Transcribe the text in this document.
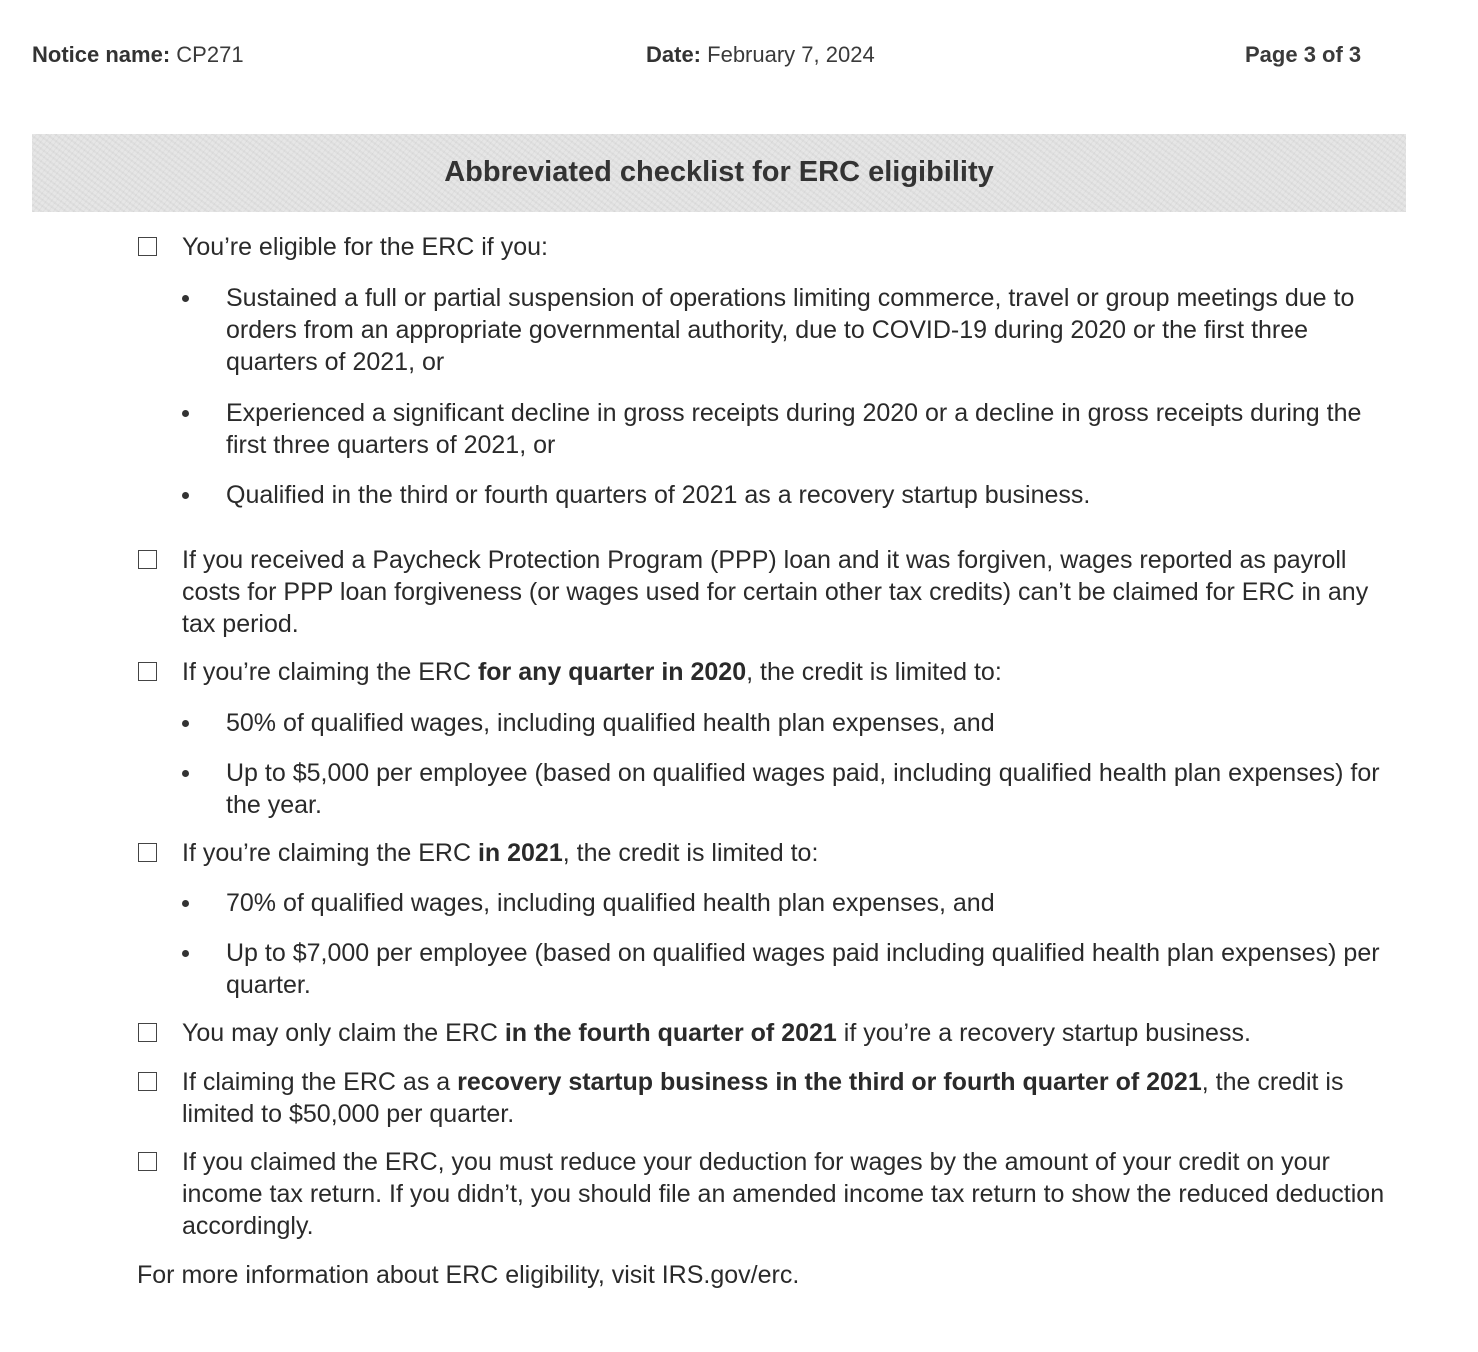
Notice name: CP271	Date: February 7, 2024	Page 3 of 3
Abbreviated checklist for ERC eligibility
You’re eligible for the ERC if you:
Sustained a full or partial suspension of operations limiting commerce, travel or group meetings due to orders from an appropriate governmental authority, due to COVID-19 during 2020 or the first three quarters of 2021, or
Experienced a significant decline in gross receipts during 2020 or a decline in gross receipts during the first three quarters of 2021, or
Qualified in the third or fourth quarters of 2021 as a recovery startup business.
If you received a Paycheck Protection Program (PPP) loan and it was forgiven, wages reported as payroll costs for PPP loan forgiveness (or wages used for certain other tax credits) can’t be claimed for ERC in any tax period.
If you’re claiming the ERC for any quarter in 2020, the credit is limited to:
50% of qualified wages, including qualified health plan expenses, and
Up to $5,000 per employee (based on qualified wages paid, including qualified health plan expenses) for the year.
If you’re claiming the ERC in 2021, the credit is limited to:
70% of qualified wages, including qualified health plan expenses, and
Up to $7,000 per employee (based on qualified wages paid including qualified health plan expenses) per quarter.
You may only claim the ERC in the fourth quarter of 2021 if you’re a recovery startup business.
If claiming the ERC as a recovery startup business in the third or fourth quarter of 2021, the credit is limited to $50,000 per quarter.
If you claimed the ERC, you must reduce your deduction for wages by the amount of your credit on your income tax return. If you didn’t, you should file an amended income tax return to show the reduced deduction accordingly.
For more information about ERC eligibility, visit IRS.gov/erc.
